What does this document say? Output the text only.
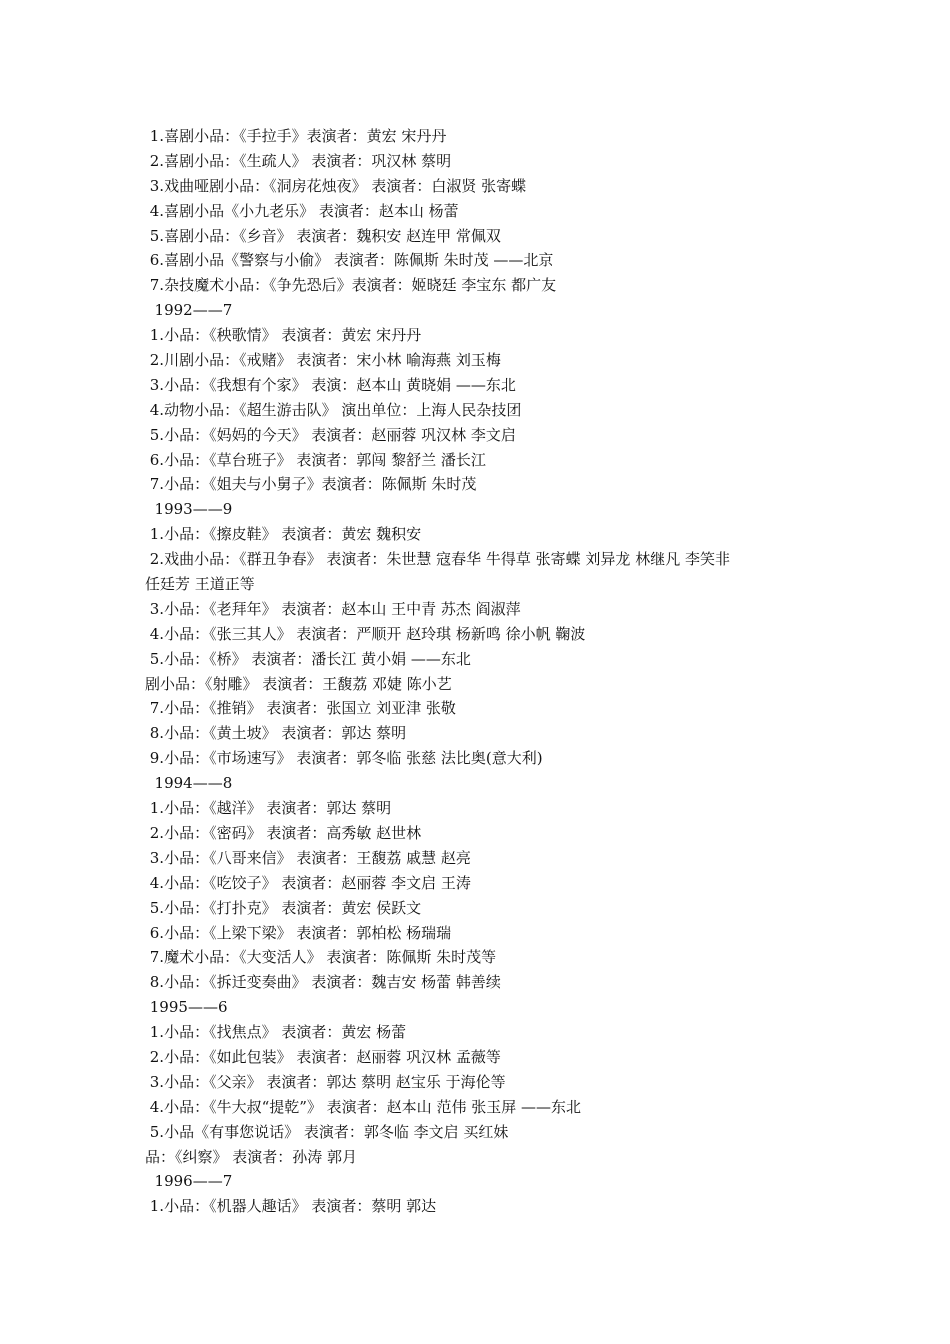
1.喜剧小品：《手拉手》表演者：黄宏 宋丹丹
2.喜剧小品：《生疏人》 表演者：巩汉林 蔡明
3.戏曲哑剧小品：《洞房花烛夜》 表演者：白淑贤 张寄蝶
4.喜剧小品《小九老乐》 表演者：赵本山 杨蕾
5.喜剧小品：《乡音》 表演者：魏积安 赵连甲 常佩双
6.喜剧小品《警察与小偷》 表演者：陈佩斯 朱时茂 ——北京
7.杂技魔术小品：《争先恐后》表演者：姬晓廷 李宝东 都广友
1992——7
1.小品：《秧歌情》 表演者：黄宏 宋丹丹
2.川剧小品：《戒赌》 表演者：宋小林 喻海燕 刘玉梅
3.小品：《我想有个家》 表演：赵本山 黄晓娟 ——东北
4.动物小品：《超生游击队》 演出单位：上海人民杂技团
5.小品：《妈妈的今天》 表演者：赵丽蓉 巩汉林 李文启
6.小品：《草台班子》 表演者：郭闯 黎舒兰 潘长江
7.小品：《姐夫与小舅子》表演者：陈佩斯 朱时茂
1993——9
1.小品：《擦皮鞋》 表演者：黄宏 魏积安
2.戏曲小品：《群丑争春》 表演者：朱世慧 寇春华 牛得草 张寄蝶 刘异龙 林继凡 李笑非
任廷芳 王道正等
3.小品：《老拜年》 表演者：赵本山 王中青 苏杰 阎淑萍
4.小品：《张三其人》 表演者：严顺开 赵玲琪 杨新鸣 徐小帆 鞠波
5.小品：《桥》 表演者：潘长江 黄小娟 ——东北
剧小品：《射雕》 表演者：王馥荔 邓婕 陈小艺
7.小品：《推销》 表演者：张国立 刘亚津 张敬
8.小品：《黄土坡》 表演者：郭达 蔡明
9.小品：《市场速写》 表演者：郭冬临 张慈 法比奥(意大利)
1994——8
1.小品：《越洋》 表演者：郭达 蔡明
2.小品：《密码》 表演者：高秀敏 赵世林
3.小品：《八哥来信》 表演者：王馥荔 戚慧 赵亮
4.小品：《吃饺子》 表演者：赵丽蓉 李文启 王涛
5.小品：《打扑克》 表演者：黄宏 侯跃文
6.小品：《上梁下梁》 表演者：郭柏松 杨瑞瑞
7.魔术小品：《大变活人》 表演者：陈佩斯 朱时茂等
8.小品：《拆迁变奏曲》 表演者：魏吉安 杨蕾 韩善续
1995——6
1.小品：《找焦点》 表演者：黄宏 杨蕾
2.小品：《如此包装》 表演者：赵丽蓉 巩汉林 孟薇等
3.小品：《父亲》 表演者：郭达 蔡明 赵宝乐 于海伦等
4.小品：《牛大叔“提乾”》 表演者：赵本山 范伟 张玉屏 ——东北
5.小品《有事您说话》 表演者：郭冬临 李文启 买红妹
品：《纠察》 表演者：孙涛 郭月
1996——7
1.小品：《机器人趣话》 表演者：蔡明 郭达
